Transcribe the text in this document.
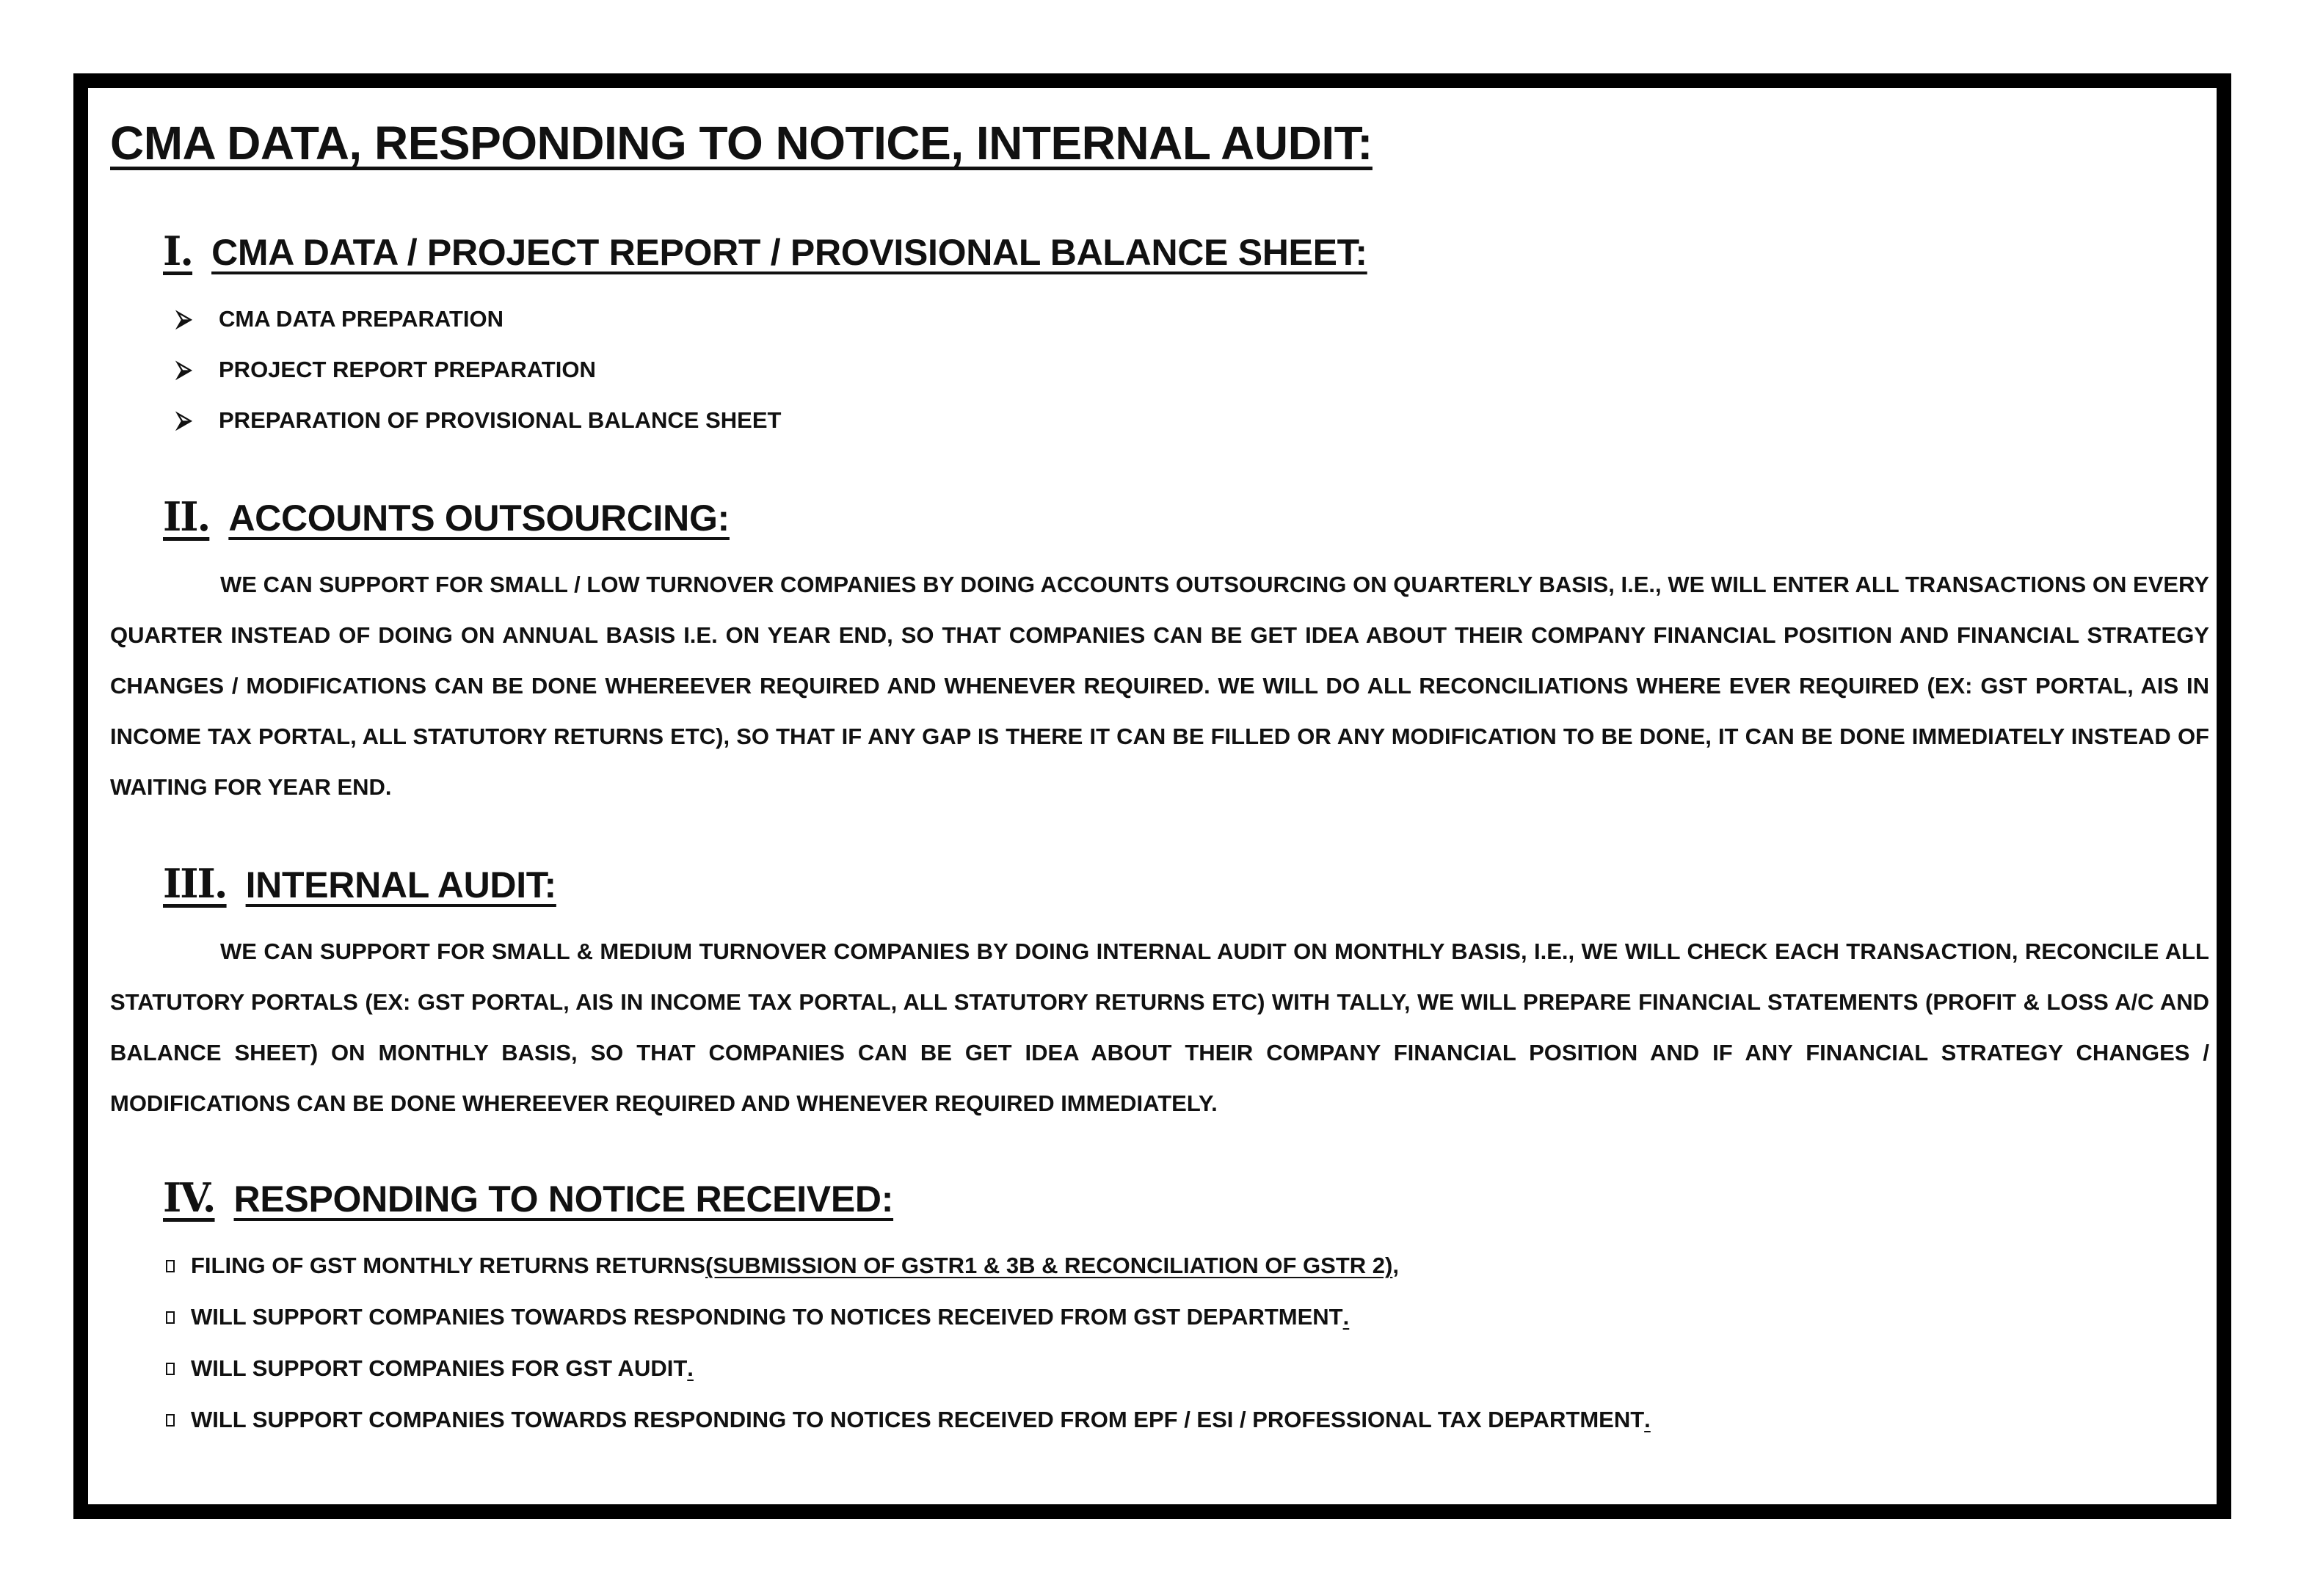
CMA DATA, RESPONDING TO NOTICE, INTERNAL AUDIT:
I. CMA DATA / PROJECT REPORT / PROVISIONAL BALANCE SHEET:
⮚	CMA DATA PREPARATION
⮚	PROJECT REPORT PREPARATION
⮚	PREPARATION OF PROVISIONAL BALANCE SHEET
II. ACCOUNTS OUTSOURCING:

WE CAN SUPPORT FOR SMALL / LOW TURNOVER COMPANIES BY DOING ACCOUNTS OUTSOURCING ON QUARTERLY BASIS, I.E., WE WILL ENTER ALL TRANSACTIONS ON EVERY QUARTER INSTEAD OF DOING ON ANNUAL BASIS I.E. ON YEAR END, SO THAT COMPANIES CAN BE GET IDEA ABOUT THEIR COMPANY FINANCIAL POSITION AND FINANCIAL STRATEGY CHANGES / MODIFICATIONS CAN BE DONE WHEREEVER REQUIRED AND WHENEVER REQUIRED. WE WILL DO ALL RECONCILIATIONS WHERE EVER REQUIRED (EX: GST PORTAL, AIS IN INCOME TAX PORTAL, ALL STATUTORY RETURNS ETC), SO THAT IF ANY GAP IS THERE IT CAN BE FILLED OR ANY MODIFICATION TO BE DONE, IT CAN BE DONE IMMEDIATELY INSTEAD OF WAITING FOR YEAR END.

III. INTERNAL AUDIT:

WE CAN SUPPORT FOR SMALL & MEDIUM TURNOVER COMPANIES BY DOING INTERNAL AUDIT ON MONTHLY BASIS, I.E., WE WILL CHECK EACH TRANSACTION, RECONCILE ALL STATUTORY PORTALS (EX: GST PORTAL, AIS IN INCOME TAX PORTAL, ALL STATUTORY RETURNS ETC) WITH TALLY, WE WILL PREPARE FINANCIAL STATEMENTS (PROFIT & LOSS A/C AND BALANCE SHEET) ON MONTHLY BASIS, SO THAT COMPANIES CAN BE GET IDEA ABOUT THEIR COMPANY FINANCIAL POSITION AND IF ANY FINANCIAL STRATEGY CHANGES / MODIFICATIONS CAN BE DONE WHEREEVER REQUIRED AND WHENEVER REQUIRED IMMEDIATELY.

IV. RESPONDING TO NOTICE RECEIVED:
FILING OF GST MONTHLY RETURNS RETURNS (SUBMISSION OF GSTR1 & 3B & RECONCILIATION OF GSTR 2) ,
WILL SUPPORT COMPANIES TOWARDS RESPONDING TO NOTICES RECEIVED FROM GST DEPARTMENT .
WILL SUPPORT COMPANIES FOR GST AUDIT .
WILL SUPPORT COMPANIES TOWARDS RESPONDING TO NOTICES RECEIVED FROM EPF / ESI / PROFESSIONAL TAX DEPARTMENT .
